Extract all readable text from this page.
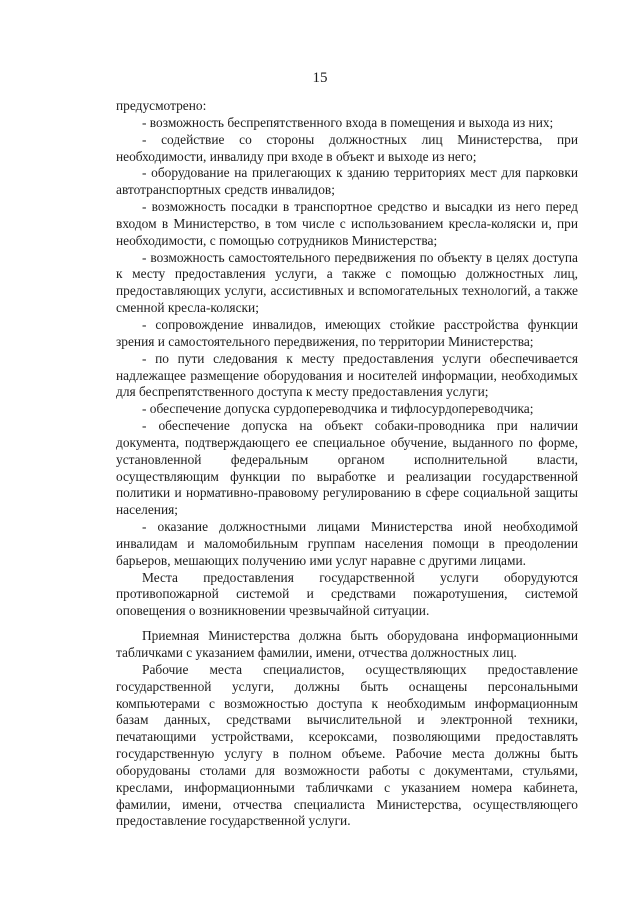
15

предусмотрено:

- возможность беспрепятственного входа в помещения и выхода из них;

- содействие со стороны должностных лиц Министерства, при необходимости, инвалиду при входе в объект и выходе из него;

- оборудование на прилегающих к зданию территориях мест для парковки автотранспортных средств инвалидов;

- возможность посадки в транспортное средство и высадки из него перед входом в Министерство, в том числе с использованием кресла-коляски и, при необходимости, с помощью сотрудников Министерства;

- возможность самостоятельного передвижения по объекту в целях доступа к месту предоставления услуги, а также с помощью должностных лиц, предоставляющих услуги, ассистивных и вспомогательных технологий, а также сменной кресла-коляски;

- сопровождение инвалидов, имеющих стойкие расстройства функции зрения и самостоятельного передвижения, по территории Министерства;

- по пути следования к месту предоставления услуги обеспечивается надлежащее размещение оборудования и носителей информации, необходимых для беспрепятственного доступа к месту предоставления услуги;

- обеспечение допуска сурдопереводчика и тифлосурдопереводчика;

- обеспечение допуска на объект собаки-проводника при наличии документа, подтверждающего ее специальное обучение, выданного по форме, установленной федеральным органом исполнительной власти, осуществляющим функции по выработке и реализации государственной политики и нормативно-правовому регулированию в сфере социальной защиты населения;

- оказание должностными лицами Министерства иной необходимой инвалидам и маломобильным группам населения помощи в преодолении барьеров, мешающих получению ими услуг наравне с другими лицами.

Места предоставления государственной услуги оборудуются противопожарной системой и средствами пожаротушения, системой оповещения о возникновении чрезвычайной ситуации.

Приемная Министерства должна быть оборудована информационными табличками с указанием фамилии, имени, отчества должностных лиц.

Рабочие места специалистов, осуществляющих предоставление государственной услуги, должны быть оснащены персональными компьютерами с возможностью доступа к необходимым информационным базам данных, средствами вычислительной и электронной техники, печатающими устройствами, ксероксами, позволяющими предоставлять государственную услугу в полном объеме. Рабочие места должны быть оборудованы столами для возможности работы с документами, стульями, креслами, информационными табличками с указанием номера кабинета, фамилии, имени, отчества специалиста Министерства, осуществляющего предоставление государственной услуги.
